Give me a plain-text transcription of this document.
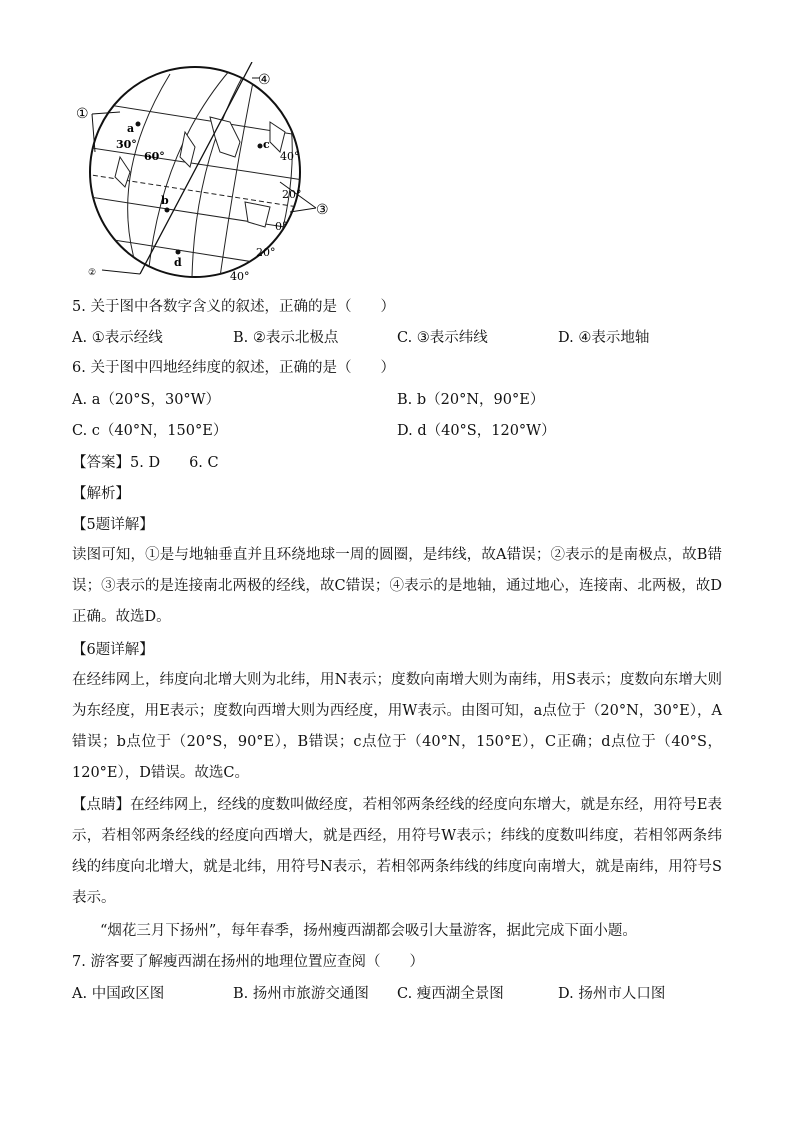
①
②
③
④
a
b
c
d
30°
60°	40°
20°
0°
20°
40°
5. 关于图中各数字含义的叙述，正确的是（　　）
A. ①表示经线	B. ②表示北极点	C. ③表示纬线	D. ④表示地轴
6. 关于图中四地经纬度的叙述，正确的是（　　）
A. a（20°S，30°W）	B. b（20°N，90°E）
C. c（40°N，150°E）	D. d（40°S，120°W）
【答案】5. D　　6. C
【解析】
【5题详解】
读图可知，①是与地轴垂直并且环绕地球一周的圆圈，是纬线，故A错误；②表示的是南极点，故B错误；③表示的是连接南北两极的经线，故C错误；④表示的是地轴，通过地心，连接南、北两极，故D正确。故选D。
【6题详解】
在经纬网上，纬度向北增大则为北纬，用N表示；度数向南增大则为南纬，用S表示；度数向东增大则为东经度，用E表示；度数向西增大则为西经度，用W表示。由图可知，a点位于（20°N，30°E），A错误；b点位于（20°S，90°E），B错误；c点位于（40°N，150°E），C正确；d点位于（40°S，120°E），D错误。故选C。
【点睛】在经纬网上，经线的度数叫做经度，若相邻两条经线的经度向东增大，就是东经，用符号E表示，若相邻两条经线的经度向西增大，就是西经，用符号W表示；纬线的度数叫纬度，若相邻两条纬线的纬度向北增大，就是北纬，用符号N表示，若相邻两条纬线的纬度向南增大，就是南纬，用符号S表示。
“烟花三月下扬州”，每年春季，扬州瘦西湖都会吸引大量游客，据此完成下面小题。
7. 游客要了解瘦西湖在扬州的地理位置应查阅（　　）
A. 中国政区图	B. 扬州市旅游交通图 C. 瘦西湖全景图	D. 扬州市人口图
